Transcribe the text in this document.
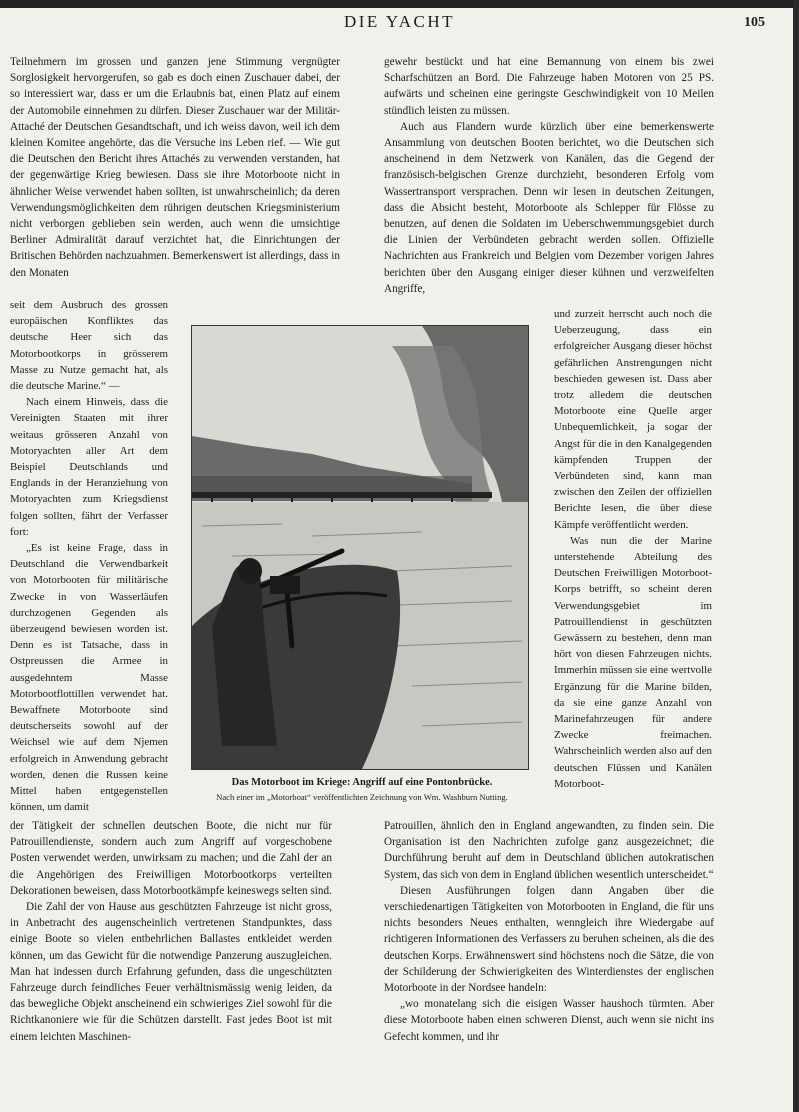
DIE YACHT	105

Teilnehmern im grossen und ganzen jene Stimmung vergnügter Sorglosigkeit hervorgerufen, so gab es doch einen Zuschauer dabei, der so interessiert war, dass er um die Erlaubnis bat, einen Platz auf einem der Automobile einnehmen zu dürfen. Dieser Zuschauer war der Militär-Attaché der Deutschen Gesandtschaft, und ich weiss davon, weil ich dem kleinen Komitee angehörte, das die Versuche ins Leben rief. — Wie gut die Deutschen den Bericht ihres Attachés zu verwenden verstanden, hat der gegenwärtige Krieg bewiesen. Dass sie ihre Motorboote nicht in ähnlicher Weise verwendet haben sollten, ist unwahrscheinlich; da deren Verwendungsmöglichkeiten dem rührigen deutschen Kriegsministerium nicht verborgen geblieben sein werden, auch wenn die umsichtige Berliner Admiralität darauf verzichtet hat, die Einrichtungen der Britischen Behörden nachzuahmen. Bemerkenswert ist allerdings, dass in den Monaten

seit dem Ausbruch des grossen europäischen Konfliktes das deutsche Heer sich das Motorbootkorps in grösserem Masse zu Nutze gemacht hat, als die deutsche Marine.“ —

Nach einem Hinweis, dass die Vereinigten Staaten mit ihrer weitaus grösseren Anzahl von Motoryachten aller Art dem Beispiel Deutschlands und Englands in der Heranziehung von Motoryachten zum Kriegsdienst folgen sollten, fährt der Verfasser fort:

„Es ist keine Frage, dass in Deutschland die Verwendbarkeit von Motorbooten für militärische Zwecke in von Wasserläufen durchzogenen Gegenden als überzeugend bewiesen worden ist. Denn es ist Tatsache, dass in Ostpreussen die Armee in ausgedehntem Masse Motorbootflottillen verwendet hat. Bewaffnete Motorboote sind deutscherseits sowohl auf der Weichsel wie auf dem Njemen erfolgreich in Anwendung gebracht worden, denen die Russen keine Mittel haben entgegenstellen können, um damit

der Tätigkeit der schnellen deutschen Boote, die nicht nur für Patrouillendienste, sondern auch zum Angriff auf vorgeschobene Posten verwendet werden, unwirksam zu machen; und die Zahl der an die Angehörigen des Freiwilligen Motorbootkorps verteilten Dekorationen beweisen, dass Motorbootkämpfe keineswegs selten sind.

Die Zahl der von Hause aus geschützten Fahrzeuge ist nicht gross, in Anbetracht des augenscheinlich vertretenen Standpunktes, dass einige Boote so vielen entbehrlichen Ballastes entkleidet werden können, um das Gewicht für die notwendige Panzerung auszugleichen. Man hat indessen durch Erfahrung gefunden, dass die ungeschützten Fahrzeuge durch feindliches Feuer verhältnismässig wenig leiden, da das bewegliche Objekt anscheinend ein schwieriges Ziel sowohl für die Richtkanoniere wie für die Schützen darstellt. Fast jedes Boot ist mit einem leichten Maschinen-

gewehr bestückt und hat eine Bemannung von einem bis zwei Scharfschützen an Bord. Die Fahrzeuge haben Motoren von 25 PS. aufwärts und scheinen eine geringste Geschwindigkeit von 10 Meilen stündlich leisten zu müssen.

Auch aus Flandern wurde kürzlich über eine bemerkenswerte Ansammlung von deutschen Booten berichtet, wo die Deutschen sich anscheinend in dem Netzwerk von Kanälen, das die Gegend der französisch-belgischen Grenze durchzieht, besonderen Erfolg vom Wassertransport versprachen. Denn wir lesen in deutschen Zeitungen, dass die Absicht besteht, Motorboote als Schlepper für Flösse zu benutzen, auf denen die Soldaten im Ueberschwemmungsgebiet durch die Linien der Verbündeten gebracht werden sollen. Offizielle Nachrichten aus Frankreich und Belgien vom Dezember vorigen Jahres berichten über den Ausgang einiger dieser kühnen und verzweifelten Angriffe,

und zurzeit herrscht auch noch die Ueberzeugung, dass ein erfolgreicher Ausgang dieser höchst gefährlichen Anstrengungen nicht beschieden gewesen ist. Dass aber trotz alledem die deutschen Motorboote eine Quelle arger Unbequemlichkeit, ja sogar der Angst für die in den Kanalgegenden kämpfenden Truppen der Verbündeten sind, kann man zwischen den Zeilen der offiziellen Berichte lesen, die über diese Kämpfe veröffentlicht werden.

Was nun die der Marine unterstehende Abteilung des Deutschen Freiwilligen Motorboot-Korps betrifft, so scheint deren Verwendungsgebiet im Patrouillendienst in geschützten Gewässern zu bestehen, denn man hört von diesen Fahrzeugen nichts. Immerhin müssen sie eine wertvolle Ergänzung für die Marine bilden, da sie eine ganze Anzahl von Marinefahrzeugen für andere Zwecke freimachen. Wahrscheinlich werden also auf den deutschen Flüssen und Kanälen Motorboot-

Patrouillen, ähnlich den in England angewandten, zu finden sein. Die Organisation ist den Nachrichten zufolge ganz ausgezeichnet; die Durchführung beruht auf dem in Deutschland üblichen autokratischen System, das sich von dem in England üblichen wesentlich unterscheidet.“

Diesen Ausführungen folgen dann Angaben über die verschiedenartigen Tätigkeiten von Motorbooten in England, die für uns nichts besonders Neues enthalten, wenngleich ihre Wiedergabe auf richtigeren Informationen des Verfassers zu beruhen scheinen, als die des deutschen Korps. Erwähnenswert sind höchstens noch die Sätze, die von der Schilderung der Schwierigkeiten des Winterdienstes der englischen Motorboote in der Nordsee handeln:

„wo monatelang sich die eisigen Wasser haushoch türmten. Aber diese Motorboote haben einen schweren Dienst, auch wenn sie nicht ins Gefecht kommen, und ihr

Das Motorboot im Kriege: Angriff auf eine Pontonbrücke.
Nach einer im „Motorboat“ veröffentlichten Zeichnung von Wm. Washburn Nutting.
